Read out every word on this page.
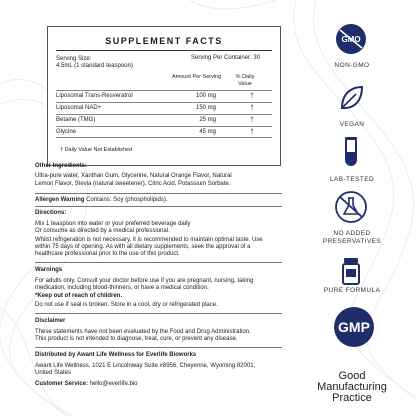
SUPPLEMENT FACTS
Serving Size:
4.5mL (1 standard teaspoon)
Serving Per Container: 30
Amount Per Serving	% Daily Value
Liposomal Trans-Resveratrol	100 mg	†
Liposomal NAD+	150 mg	†
Betaine (TMG)	25 mg	†
Glycine	45 mg	†
† Daily Value Not Established
Other Ingredients:
Ultra-pure water, Xanthan Gum, Glycerine, Natural Orange Flavor, Natural
Lemon Flavor, Stevia (natural sweetener), Citric Acid, Potassium Sorbate.
Allergen Warning Contains: Soy (phospholipids).
Directions:
Mix 1 teaspoon into water or your preferred beverage daily
Or consume as directed by a medical professional.
Whilst refrigeration is not necessary, it is recommended to maintain optimal taste. Use
within 75 days of opening. As with all dietary supplements, seek the approval of a
healthcare professional prior to the use of this product.
Warnings
For adults only. Consult your doctor before use if you are pregnant, nursing, taking
medication, including blood-thinners, or have a medical condition.
*Keep out of reach of children.
Do not use if seal is broken. Store in a cool, dry or refrigerated place.
Disclaimer
These statements have not been evaluated by the Food and Drug Administration.
This product is not intended to diagnose, treat, cure, or prevent any disease.
Distributed by Awant Life Wellness for Everlife Bioworks
Awant Life Wellness, 1021 E Lincolnway Suite #8956, Cheyenne, Wyoming 82001,
United States
Customer Service: hello@everlife.bio
GMO
NON-GMO
VEGAN
LAB-TESTED
NO ADDED
PRESERVATIVES
PURE FORMULA
GMP
Good
Manufacturing
Practice
